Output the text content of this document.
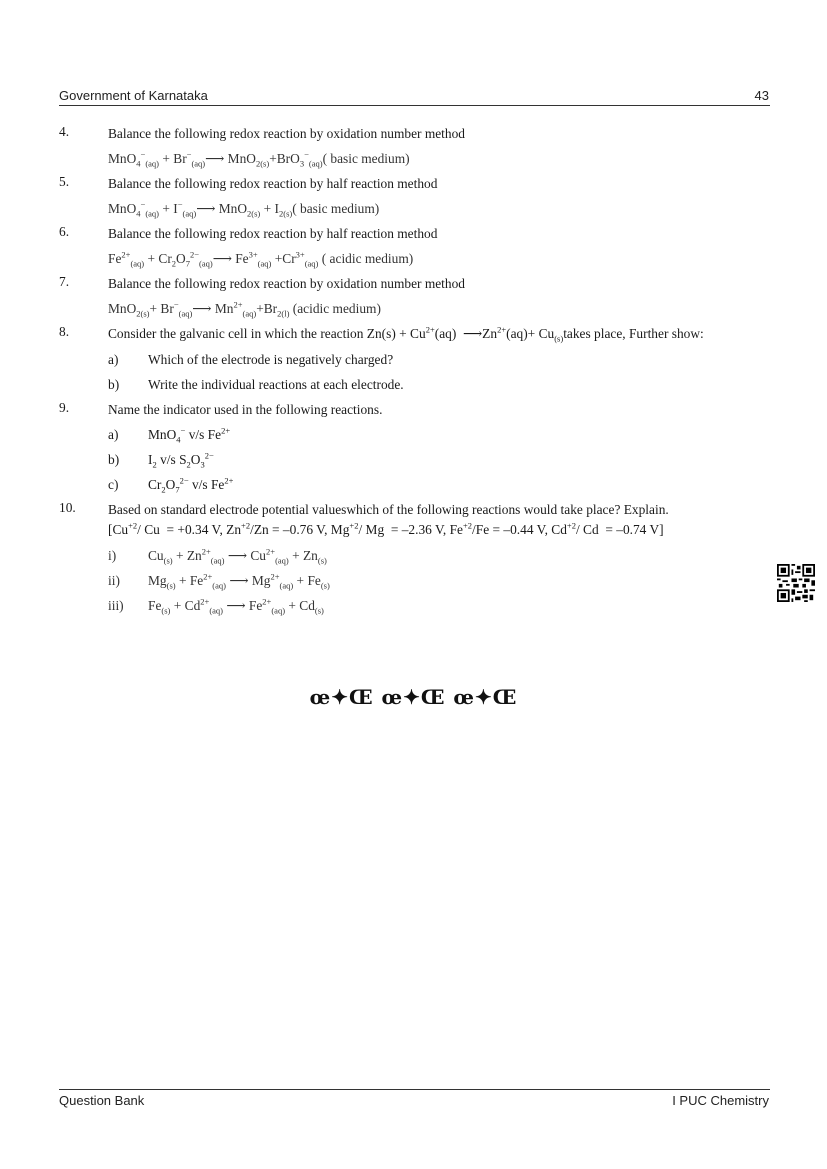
Government of Karnataka	43
4.	Balance the following redox reaction by oxidation number method
$MnO_4^-_{(aq)} + Br^-_{(aq)}⟶$ MnO$_{2(s)}$+BrO$_3$−$_{(aq)}$( basic medium)
5.	Balance the following redox reaction by half reaction method
$MnO_4^-_{(aq)} + I^-_{(aq)}⟶$ $MnO_{2(s)} + I_{2(s)}$( basic medium)
6.	Balance the following redox reaction by half reaction method
$Fe^{2+}_{(aq)}$ + $Cr_2O_7^{2-}_{(aq)}⟶$ $Fe^{3+}_{(aq)} +Cr^{3+}_{(aq)}$ ( acidic medium)
7.	Balance the following redox reaction by oxidation number method
$MnO_{2(s)}+ Br^-_{(aq)}⟶$ $Mn^{2+}_{(aq)}+Br_{2(l)}$ (acidic medium)
8.	Consider the galvanic cell in which the reaction $Zn(s) + Cu^{2+}(aq)$  $⟶Zn^{2+}(aq)+$ $Cu_{(s)}takes$ place, Further show:
a) Which of the electrode is negatively charged?
b) Write the individual reactions at each electrode.
9.	Name the indicator used in the following reactions.
a) MnO$_4$− v/s $Fe^{2+}$
b) $I_2$ v/s $S_2O_3^{2-}$
c) $Cr_2O_7^{2-}$ v/s $Fe^{2+}$
10. Based on standard electrode potential valueswhich of the following reactions would take place? Explain.
[$Cu^{+2}/$ Cu  = +0.34 V, $Zn^{+2}/Zn = -0.76$ V, $Mg^{+2}/$ Mg  = –2.36 V, $Fe^{+2}/Fe = -0.44$ V, $Cd^{+2}/$ Cd  = –0.74 V]
i) $Cu_{(s)} + Zn^{2+}_{(aq)}$ ⟶ $Cu^{2+}_{(aq)} + Zn_{(s)}$
ii) $Mg_{(s)} + Fe^{2+}_{(aq)}$ ⟶ $Mg^{2+}_{(aq)} + Fe_{(s)}$
iii) $Fe_{(s)} + Cd^{2+}_{(aq)}$ ⟶ $Fe^{2+}_{(aq)} + Cd_{(s)}$
œ✦Œ œ✦Œ œ✦Œ
Question Bank	I PUC Chemistry
